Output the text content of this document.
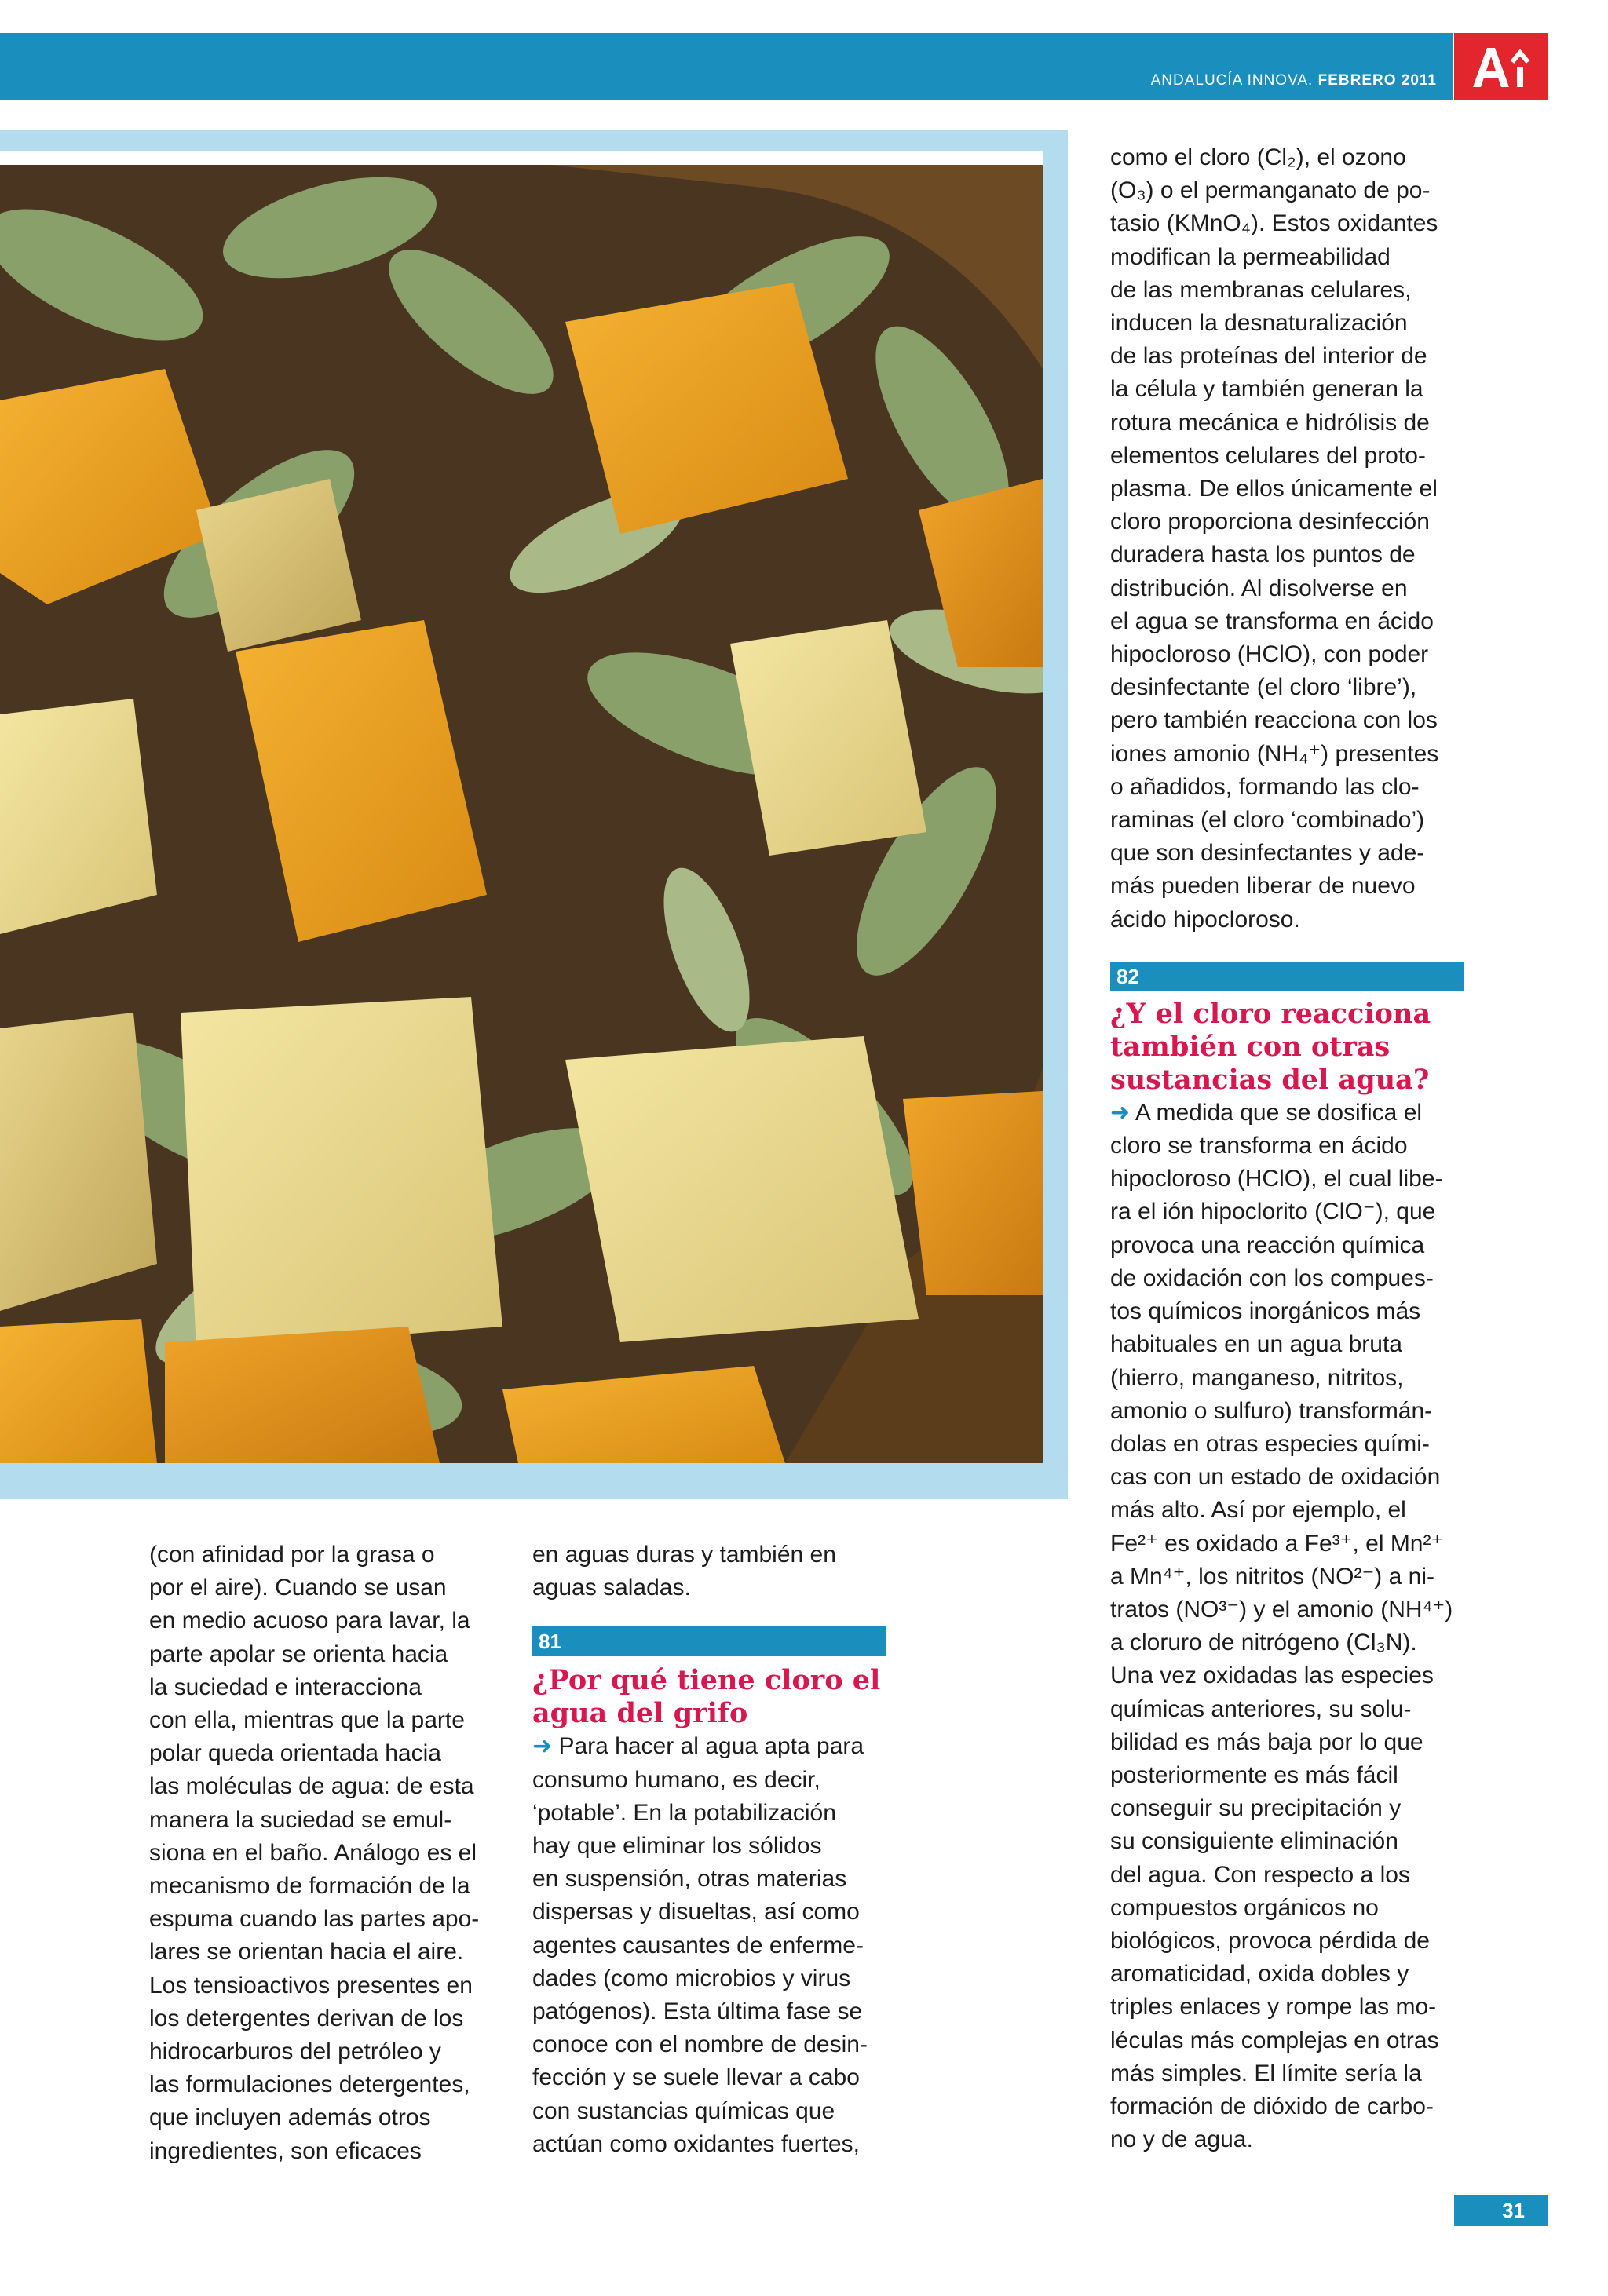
ANDALUCÍA INNOVA. FEBRERO 2011

(con afinidad por la grasa o
por el aire). Cuando se usan
en medio acuoso para lavar, la
parte apolar se orienta hacia
la suciedad e interacciona
con ella, mientras que la parte
polar queda orientada hacia
las moléculas de agua: de esta
manera la suciedad se emul-
siona en el baño. Análogo es el
mecanismo de formación de la
espuma cuando las partes apo-
lares se orientan hacia el aire.
Los tensioactivos presentes en
los detergentes derivan de los
hidrocarburos del petróleo y
las formulaciones detergentes,
que incluyen además otros
ingredientes, son eficaces

en aguas duras y también en
aguas saladas.

81

¿Por qué tiene cloro el
agua del grifo

➜ Para hacer al agua apta para
consumo humano, es decir,
‘potable’. En la potabilización
hay que eliminar los sólidos
en suspensión, otras materias
dispersas y disueltas, así como
agentes causantes de enferme-
dades (como microbios y virus
patógenos). Esta última fase se
conoce con el nombre de desin-
fección y se suele llevar a cabo
con sustancias químicas que
actúan como oxidantes fuertes,

como el cloro (Cl₂), el ozono
(O₃) o el permanganato de po-
tasio (KMnO₄). Estos oxidantes
modifican la permeabilidad
de las membranas celulares,
inducen la desnaturalización
de las proteínas del interior de
la célula y también generan la
rotura mecánica e hidrólisis de
elementos celulares del proto-
plasma. De ellos únicamente el
cloro proporciona desinfección
duradera hasta los puntos de
distribución. Al disolverse en
el agua se transforma en ácido
hipocloroso (HClO), con poder
desinfectante (el cloro ‘libre’),
pero también reacciona con los
iones amonio (NH₄⁺) presentes
o añadidos, formando las clo-
raminas (el cloro ‘combinado’)
que son desinfectantes y ade-
más pueden liberar de nuevo
ácido hipocloroso.

82

¿Y el cloro reacciona
también con otras
sustancias del agua?

➜ A medida que se dosifica el
cloro se transforma en ácido
hipocloroso (HClO), el cual libe-
ra el ión hipoclorito (ClO⁻), que
provoca una reacción química
de oxidación con los compues-
tos químicos inorgánicos más
habituales en un agua bruta
(hierro, manganeso, nitritos,
amonio o sulfuro) transformán-
dolas en otras especies quími-
cas con un estado de oxidación
más alto. Así por ejemplo, el
Fe²⁺ es oxidado a Fe³⁺, el Mn²⁺
a Mn⁴⁺, los nitritos (NO²⁻) a ni-
tratos (NO³⁻) y el amonio (NH⁴⁺)
a cloruro de nitrógeno (Cl₃N).
Una vez oxidadas las especies
químicas anteriores, su solu-
bilidad es más baja por lo que
posteriormente es más fácil
conseguir su precipitación y
su consiguiente eliminación
del agua. Con respecto a los
compuestos orgánicos no
biológicos, provoca pérdida de
aromaticidad, oxida dobles y
triples enlaces y rompe las mo-
léculas más complejas en otras
más simples. El límite sería la
formación de dióxido de carbo-
no y de agua.

31
